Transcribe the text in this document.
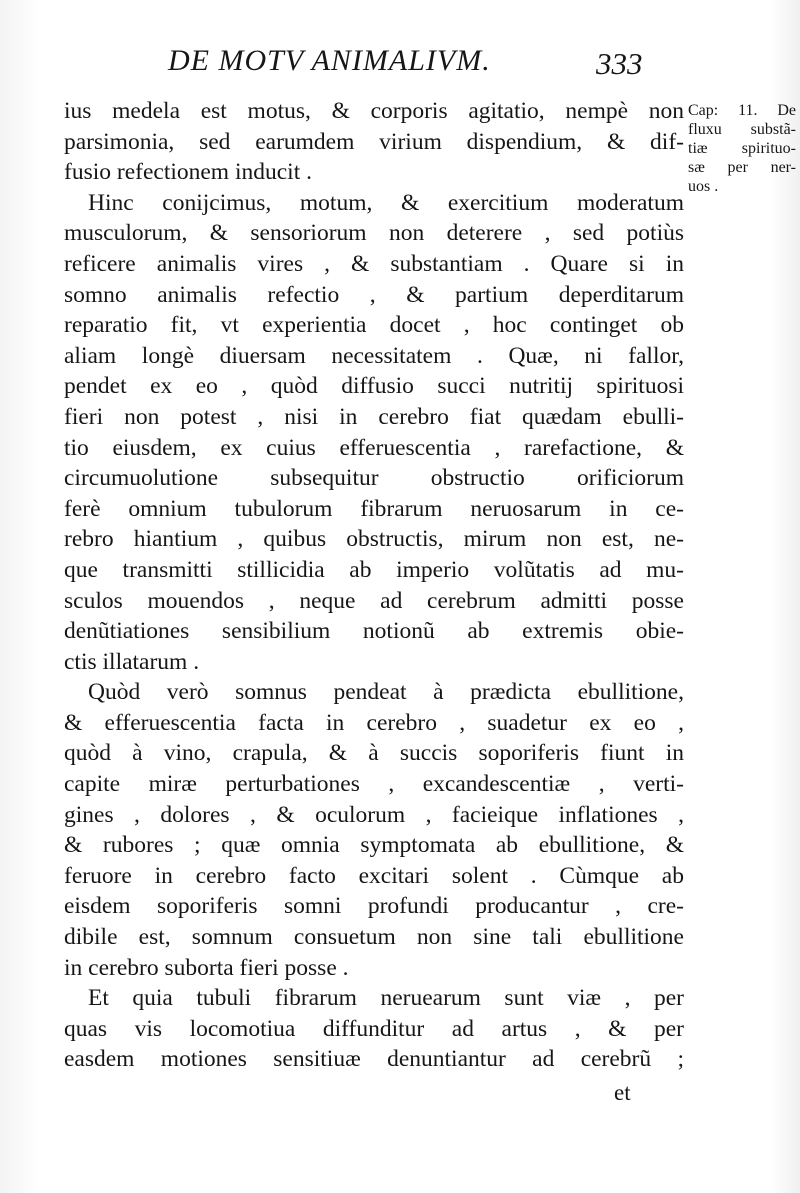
DE MOTV ANIMALIVM.	333
ius medela est motus, & corporis agitatio, nempè non
parsimonia, sed earumdem virium dispendium, & dif-
fusio refectionem inducit .
Hinc conijcimus, motum, & exercitium moderatum
musculorum, & sensoriorum non deterere , sed potiùs
reficere animalis vires , & substantiam . Quare si in
somno animalis refectio , & partium deperditarum
reparatio fit, vt experientia docet , hoc continget ob
aliam longè diuersam necessitatem . Quæ, ni fallor,
pendet ex eo , quòd diffusio succi nutritij spirituosi
fieri non potest , nisi in cerebro fiat quædam ebulli-
tio eiusdem, ex cuius efferuescentia , rarefactione, &
circumuolutione subsequitur obstructio orificiorum
ferè omnium tubulorum fibrarum neruosarum in ce-
rebro hiantium , quibus obstructis, mirum non est, ne-
que transmitti stillicidia ab imperio volũtatis ad mu-
sculos mouendos , neque ad cerebrum admitti posse
denũtiationes sensibilium notionũ ab extremis obie-
ctis illatarum .
Quòd verò somnus pendeat à prædicta ebullitione,
& efferuescentia facta in cerebro , suadetur ex eo ,
quòd à vino, crapula, & à succis soporiferis fiunt in
capite miræ perturbationes , excandescentiæ , verti-
gines , dolores , & oculorum , facieique inflationes ,
& rubores ; quæ omnia symptomata ab ebullitione, &
feruore in cerebro facto excitari solent . Cùmque ab
eisdem soporiferis somni profundi producantur , cre-
dibile est, somnum consuetum non sine tali ebullitione
in cerebro suborta fieri posse .
Et quia tubuli fibrarum neruearum sunt viæ , per
quas vis locomotiua diffunditur ad artus , & per
easdem motiones sensitiuæ denuntiantur ad cerebrũ ;
et
Cap: 11. De
fluxu substã-
tiæ spirituo-
sæ per ner-
uos .
